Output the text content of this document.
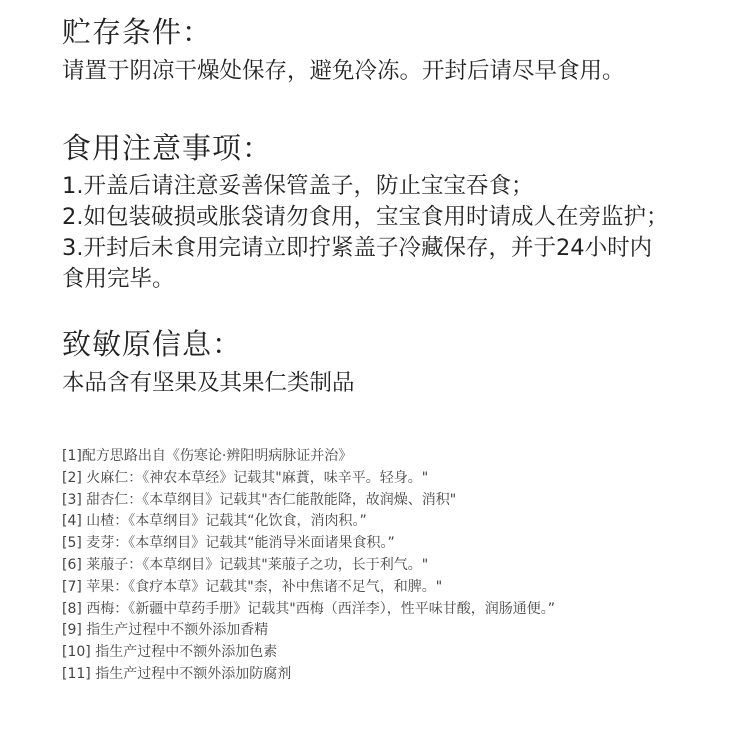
贮存条件：

请置于阴凉干燥处保存，避免冷冻。开封后请尽早食用。

食用注意事项：

1.开盖后请注意妥善保管盖子，防止宝宝吞食；

2.如包装破损或胀袋请勿食用，宝宝食用时请成人在旁监护；

3.开封后未食用完请立即拧紧盖子冷藏保存，并于24小时内

食用完毕。

致敏原信息：

本品含有坚果及其果仁类制品

[1]配方思路出自《伤寒论·辨阳明病脉证并治》
[2] 火麻仁：《神农本草经》记载其"麻蕡，味辛平。轻身。"
[3] 甜杏仁：《本草纲目》记载其"杏仁能散能降，故润燥、消积"
[4] 山楂：《本草纲目》记载其“化饮食，消肉积。”
[5] 麦芽：《本草纲目》记载其“能消导米面诸果食积。”
[6] 莱菔子：《本草纲目》记载其"莱菔子之功，长于利气。"
[7] 苹果：《食疗本草》记载其"柰，补中焦诸不足气，和脾。"
[8] 西梅：《新疆中草药手册》记载其"西梅（西洋李），性平味甘酸，润肠通便。”
[9] 指生产过程中不额外添加香精
[10] 指生产过程中不额外添加色素
[11] 指生产过程中不额外添加防腐剂
